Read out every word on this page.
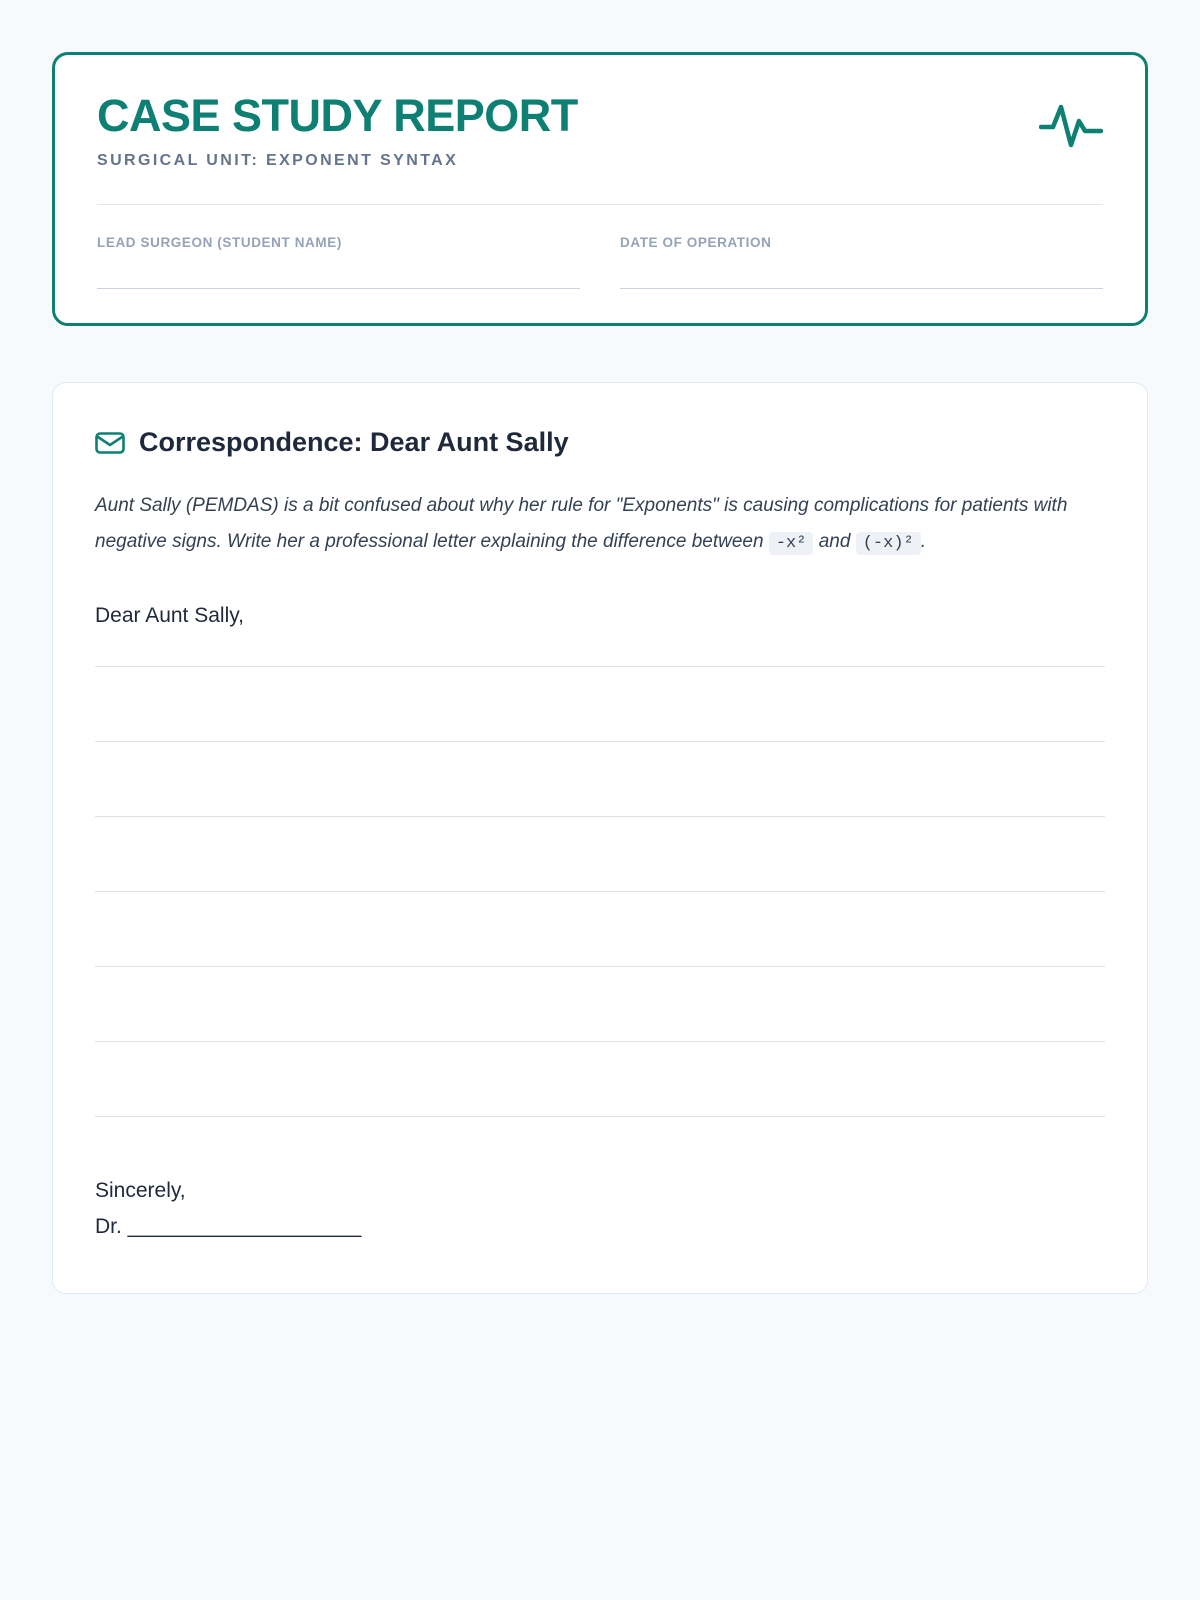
CASE STUDY REPORT

SURGICAL UNIT: EXPONENT SYNTAX

LEAD SURGEON (STUDENT NAME)	DATE OF OPERATION
Correspondence: Dear Aunt Sally

Aunt Sally (PEMDAS) is a bit confused about why her rule for "Exponents" is causing complications for patients with negative signs. Write her a professional letter explaining the difference between -x² and (-x)² .

Dear Aunt Sally,

Sincerely,
Dr. ____________________
